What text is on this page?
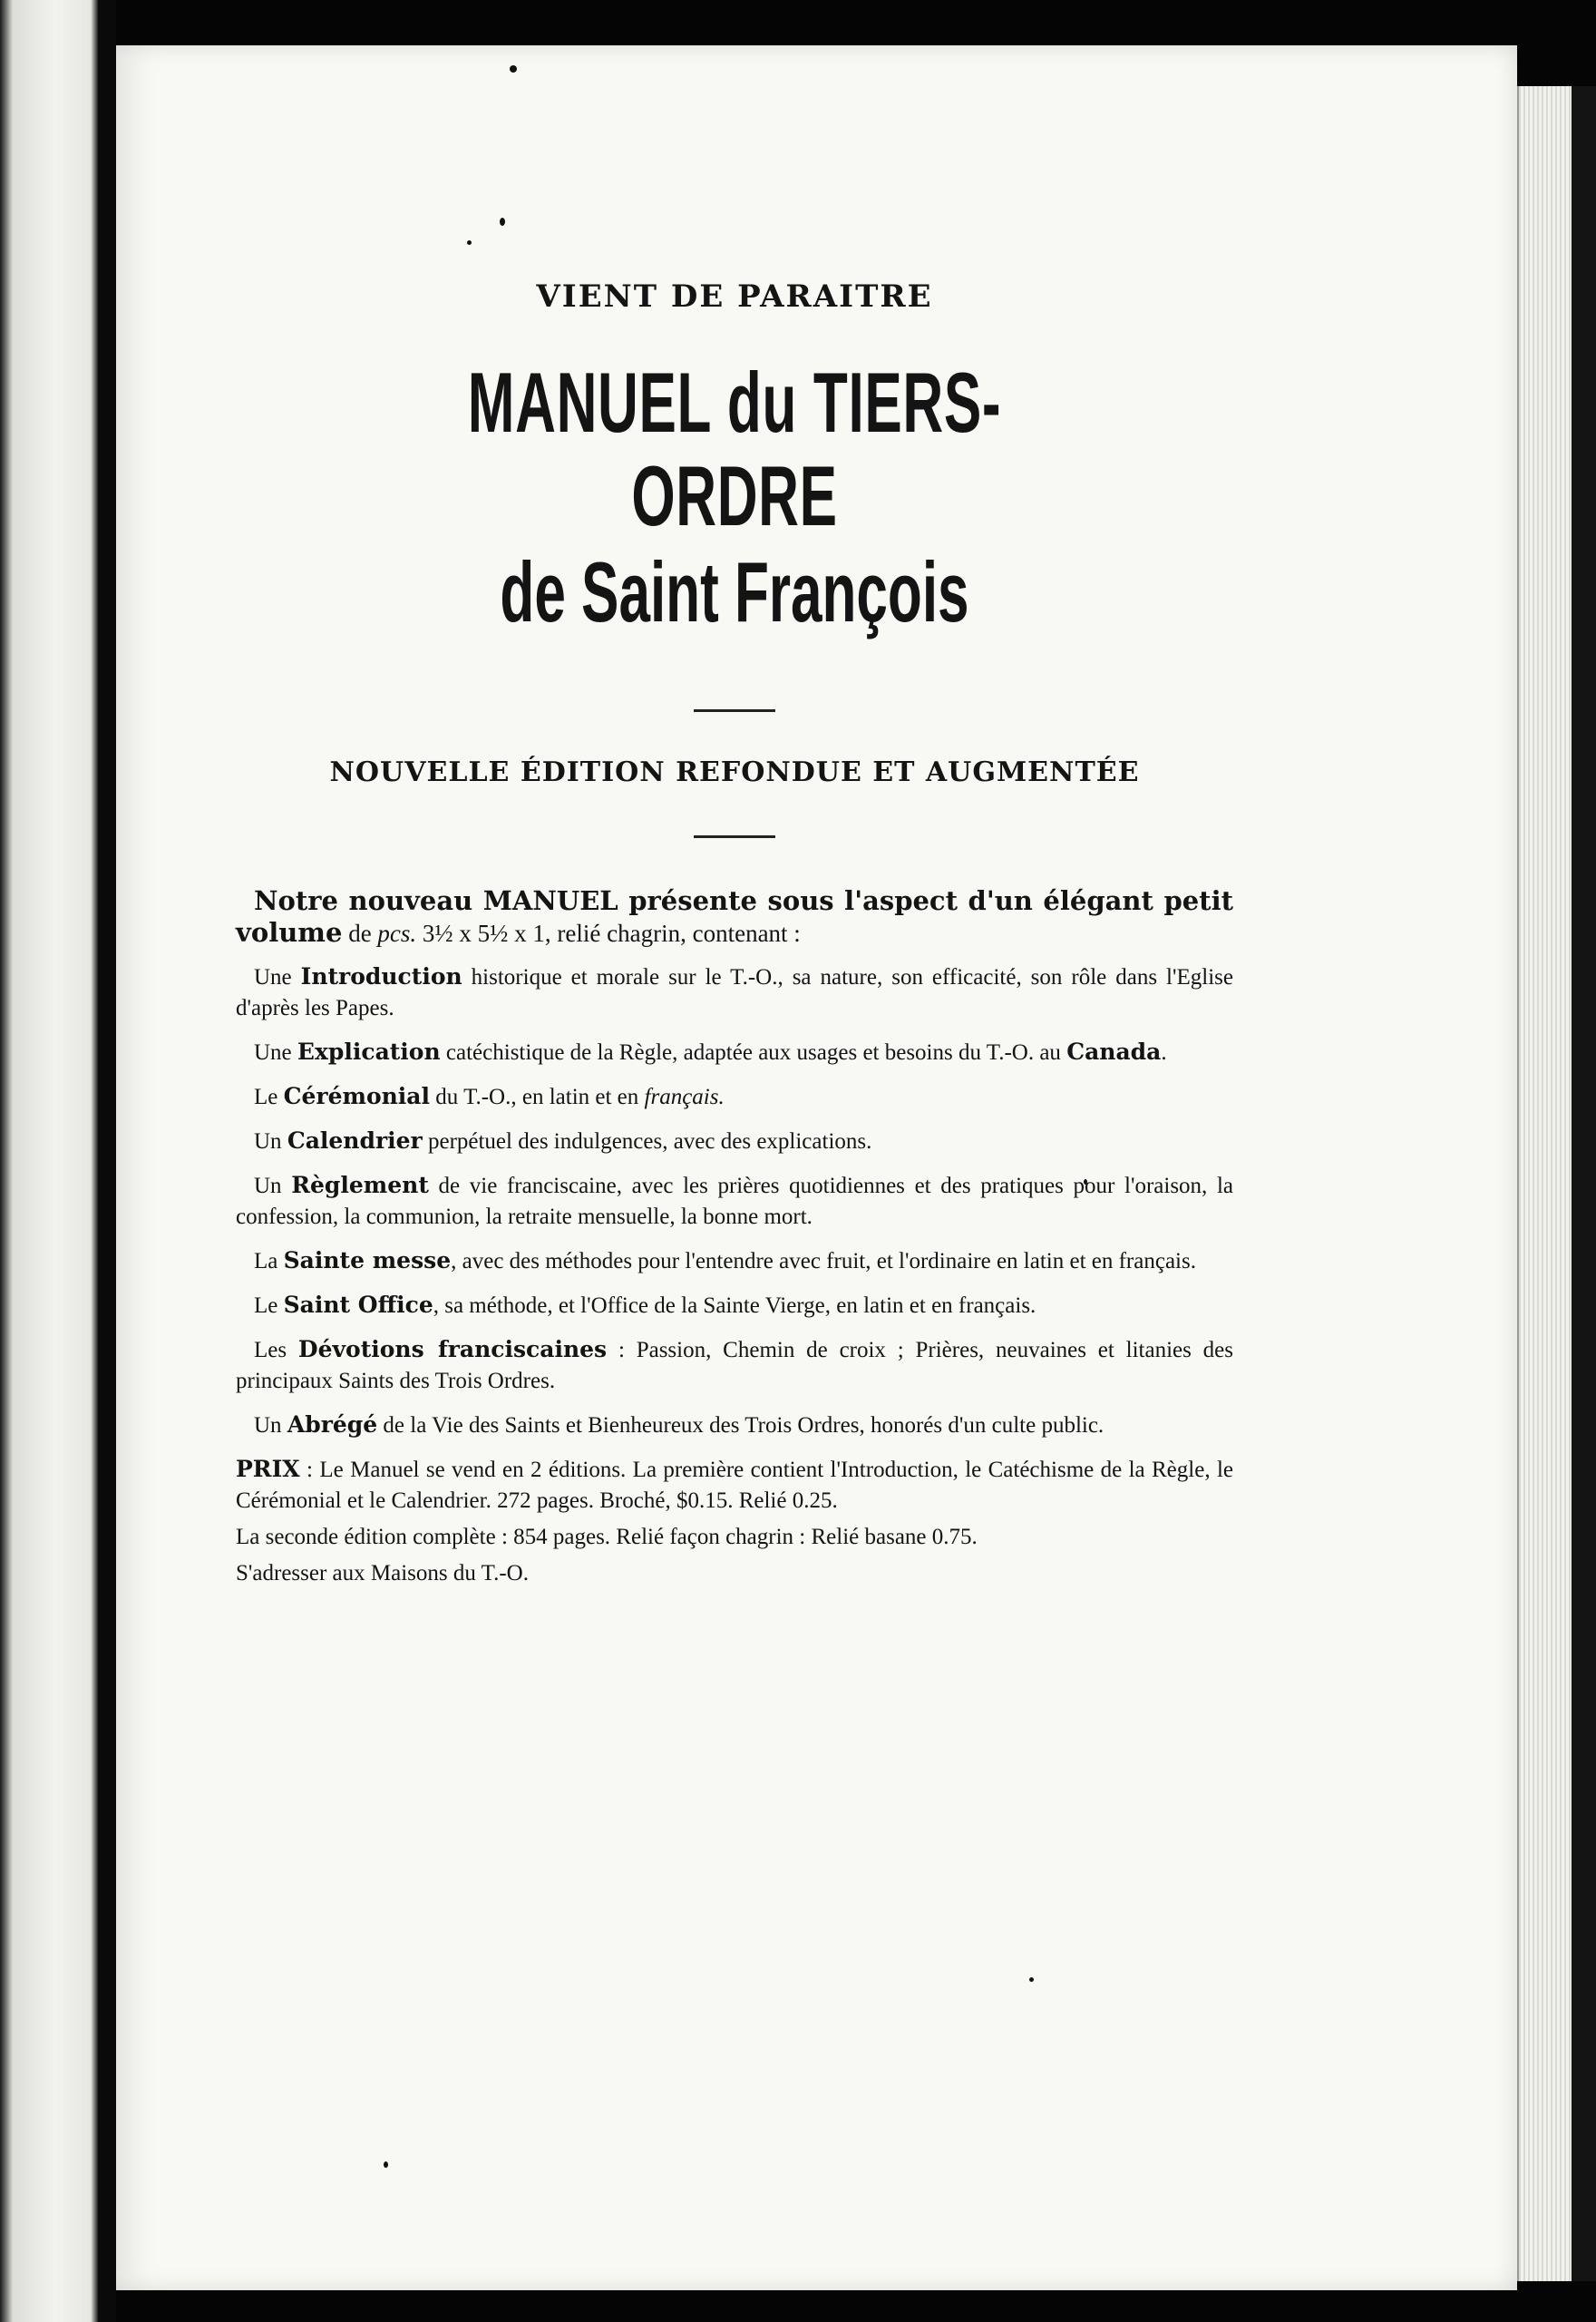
VIENT DE PARAITRE

MANUEL du TIERS-ORDRE

de Saint François

NOUVELLE ÉDITION REFONDUE ET AUGMENTÉE

Notre nouveau MANUEL présente sous l'aspect d'un élégant petit volume de pcs. 3½ x 5½ x 1, relié chagrin, contenant :

Une Introduction historique et morale sur le T.-O., sa nature, son efficacité, son rôle dans l'Eglise d'après les Papes.

Une Explication catéchistique de la Règle, adaptée aux usages et besoins du T.-O. au Canada.

Le Cérémonial du T.-O., en latin et en français.

Un Calendrier perpétuel des indulgences, avec des explications.

Un Règlement de vie franciscaine, avec les prières quotidiennes et des pratiques pour l'oraison, la confession, la communion, la retraite mensuelle, la bonne mort.

La Sainte messe, avec des méthodes pour l'entendre avec fruit, et l'ordinaire en latin et en français.

Le Saint Office, sa méthode, et l'Office de la Sainte Vierge, en latin et en français.

Les Dévotions franciscaines : Passion, Chemin de croix ; Prières, neuvaines et litanies des principaux Saints des Trois Ordres.

Un Abrégé de la Vie des Saints et Bienheureux des Trois Ordres, honorés d'un culte public.

PRIX : Le Manuel se vend en 2 éditions. La première contient l'Introduction, le Catéchisme de la Règle, le Cérémonial et le Calendrier. 272 pages. Broché, $0.15. Relié 0.25.

La seconde édition complète : 854 pages. Relié façon chagrin : Relié basane 0.75.

S'adresser aux Maisons du T.-O.
